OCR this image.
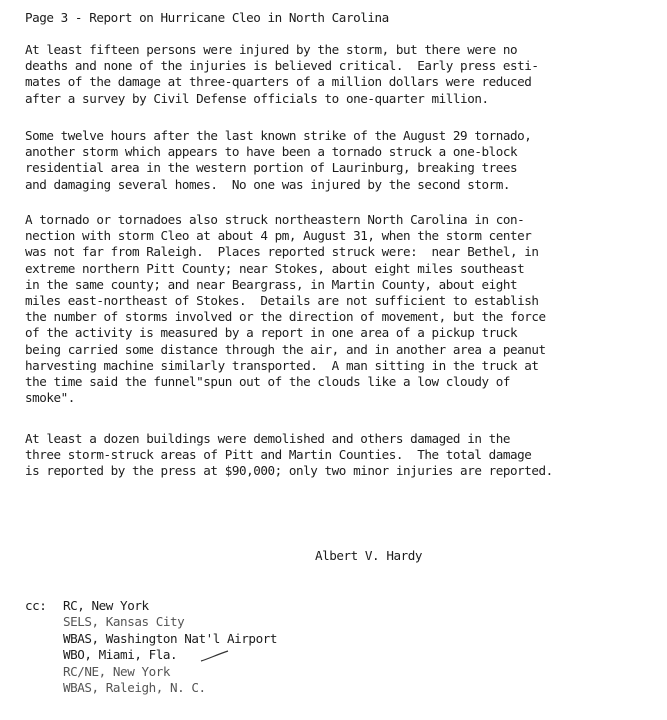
Page 3 - Report on Hurricane Cleo in North Carolina
At least fifteen persons were injured by the storm, but there were no
deaths and none of the injuries is believed critical.  Early press esti-
mates of the damage at three-quarters of a million dollars were reduced
after a survey by Civil Defense officials to one-quarter million.
Some twelve hours after the last known strike of the August 29 tornado,
another storm which appears to have been a tornado struck a one-block
residential area in the western portion of Laurinburg, breaking trees
and damaging several homes.  No one was injured by the second storm.
A tornado or tornadoes also struck northeastern North Carolina in con-
nection with storm Cleo at about 4 pm, August 31, when the storm center
was not far from Raleigh.  Places reported struck were:  near Bethel, in
extreme northern Pitt County; near Stokes, about eight miles southeast
in the same county; and near Beargrass, in Martin County, about eight
miles east-northeast of Stokes.  Details are not sufficient to establish
the number of storms involved or the direction of movement, but the force
of the activity is measured by a report in one area of a pickup truck
being carried some distance through the air, and in another area a peanut
harvesting machine similarly transported.  A man sitting in the truck at
the time said the funnel"spun out of the clouds like a low cloudy of
smoke".
At least a dozen buildings were demolished and others damaged in the
three storm-struck areas of Pitt and Martin Counties.  The total damage
is reported by the press at $90,000; only two minor injuries are reported.
Albert V. Hardy
cc: RC, New York
SELS, Kansas City
WBAS, Washington Nat'l Airport
WBO, Miami, Fla.
RC/NE, New York
WBAS, Raleigh, N. C.
